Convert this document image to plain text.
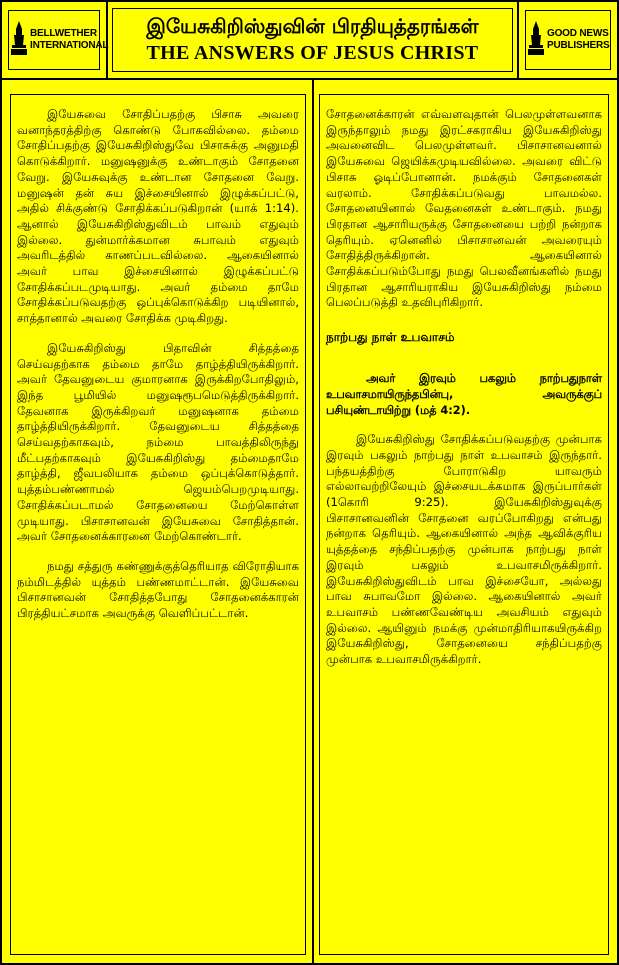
BELLWETHER
INTERNATIONAL
இயேசுகிறிஸ்துவின் பிரதியுத்தரங்கள்
THE ANSWERS OF JESUS CHRIST
GOOD NEWS
PUBLISHERS

இயேசுவை சோதிப்பதற்கு பிசாசு அவரை வனாந்தரத்திற்கு கொண்டு போகவில்லை. தம்மை சோதிப்பதற்கு இயேசுகிறிஸ்துவே பிசாசுக்கு அனுமதி கொடுக்கிறார். மனுஷனுக்கு உண்டாகும் சோதனை வேறு. இயேசுவுக்கு உண்டான சோதனை வேறு. மனுஷன் தன் சுய இச்சையினால் இழுக்கப்பட்டு, அதில் சிக்குண்டு சோதிக்கப்படுகிறான் (யாக் 1:14). ஆனால் இயேசுகிறிஸ்துவிடம் பாவம் எதுவும் இல்லை. துன்மார்க்கமான சுபாவம் எதுவும் அவரிடத்தில் காணப்படவில்லை. ஆகையினால் அவர் பாவ இச்சையினால் இழுக்கப்பட்டு சோதிக்கப்படமுடியாது. அவர் தம்மை தாமே சோதிக்கப்படுவதற்கு ஒப்புக்கொடுக்கிற படியினால், சாத்தானால் அவரை சோதிக்க முடிகிறது.

இயேசுகிறிஸ்து பிதாவின் சித்தத்தை செய்வதற்காக தம்மை தாமே தாழ்த்தியிருக்கிறார். அவர் தேவனுடைய குமாரனாக இருக்கிறபோதிலும், இந்த பூமியில் மனுஷரூபமெடுத்திருக்கிறார். தேவனாக இருக்கிறவர் மனுஷனாக தம்மை தாழ்த்தியிருக்கிறார். தேவனுடைய சித்தத்தை செய்வதற்காகவும், நம்மை பாவத்திலிருந்து மீட்பதற்காகவும் இயேசுகிறிஸ்து தம்மைதாமே தாழ்த்தி, ஜீவபலியாக தம்மை ஒப்புக்கொடுத்தார். யுத்தம்பண்ணாமல் ஜெயம்பெறமுடியாது. சோதிக்கப்படாமல் சோதனையை மேற்கொள்ள முடியாது. பிசாசானவன் இயேசுவை சோதித்தான். அவர் சோதனைக்காரனை மேற்கொண்டார்.

நமது சத்துரு கண்ணுக்குத்தெரியாத விரோதியாக நம்மிடத்தில் யுத்தம் பண்ணமாட்டான். இயேசுவை பிசாசானவன் சோதித்தபோது சோதனைக்காரன் பிரத்தியட்சமாக அவருக்கு வெளிப்பட்டான்.

சோதனைக்காரன் எவ்வளவுதான் பெலமுள்ளவனாக இருந்தாலும் நமது இரட்சகராகிய இயேசுகிறிஸ்து அவனைவிட பெலமுள்ளவர். பிசாசானவனால் இயேசுவை ஜெயிக்கமுடியவில்லை. அவரை விட்டு பிசாசு ஓடிப்போனான். நமக்கும் சோதனைகள் வரலாம். சோதிக்கப்படுவது பாவமல்ல. சோதனையினால் வேதனைகள் உண்டாகும். நமது பிரதான ஆசாரியருக்கு சோதனையை பற்றி நன்றாக தெரியும். ஏனெனில் பிசாசானவன் அவரையும் சோதித்திருக்கிறான். ஆகையினால் சோதிக்கப்படும்போது நமது பெலவீனங்களில் நமது பிரதான ஆசாரியராகிய இயேசுகிறிஸ்து நம்மை பெலப்படுத்தி உதவிபுரிகிறார்.

நாற்பது நாள் உபவாசம்

அவர் இரவும் பகலும் நாற்பதுநாள் உபவாசமாயிருந்தபின்பு, அவருக்குப் பசியுண்டாயிற்று (மத் 4:2).

இயேசுகிறிஸ்து சோதிக்கப்படுவதற்கு முன்பாக இரவும் பகலும் நாற்பது நாள் உபவாசம் இருந்தார். பந்தயத்திற்கு போராடுகிற யாவரும் எல்லாவற்றிலேயும் இச்சையடக்கமாக இருப்பார்கள் (1கொரி 9:25). இயேசுகிறிஸ்துவுக்கு பிசாசானவனின் சோதனை வரப்போகிறது என்பது நன்றாக தெரியும். ஆகையினால் அந்த ஆவிக்குரிய யுத்தத்தை சந்திப்பதற்கு முன்பாக நாற்பது நாள் இரவும் பகலும் உபவாசமிருக்கிறார். இயேசுகிறிஸ்துவிடம் பாவ இச்சையோ, அல்லது பாவ சுபாவமோ இல்லை. ஆகையினால் அவர் உபவாசம் பண்ணவேண்டிய அவசியம் எதுவும் இல்லை. ஆயினும் நமக்கு முன்மாதிரியாகயிருக்கிற இயேசுகிறிஸ்து, சோதனையை சந்திப்பதற்கு முன்பாக உபவாசமிருக்கிறார்.
